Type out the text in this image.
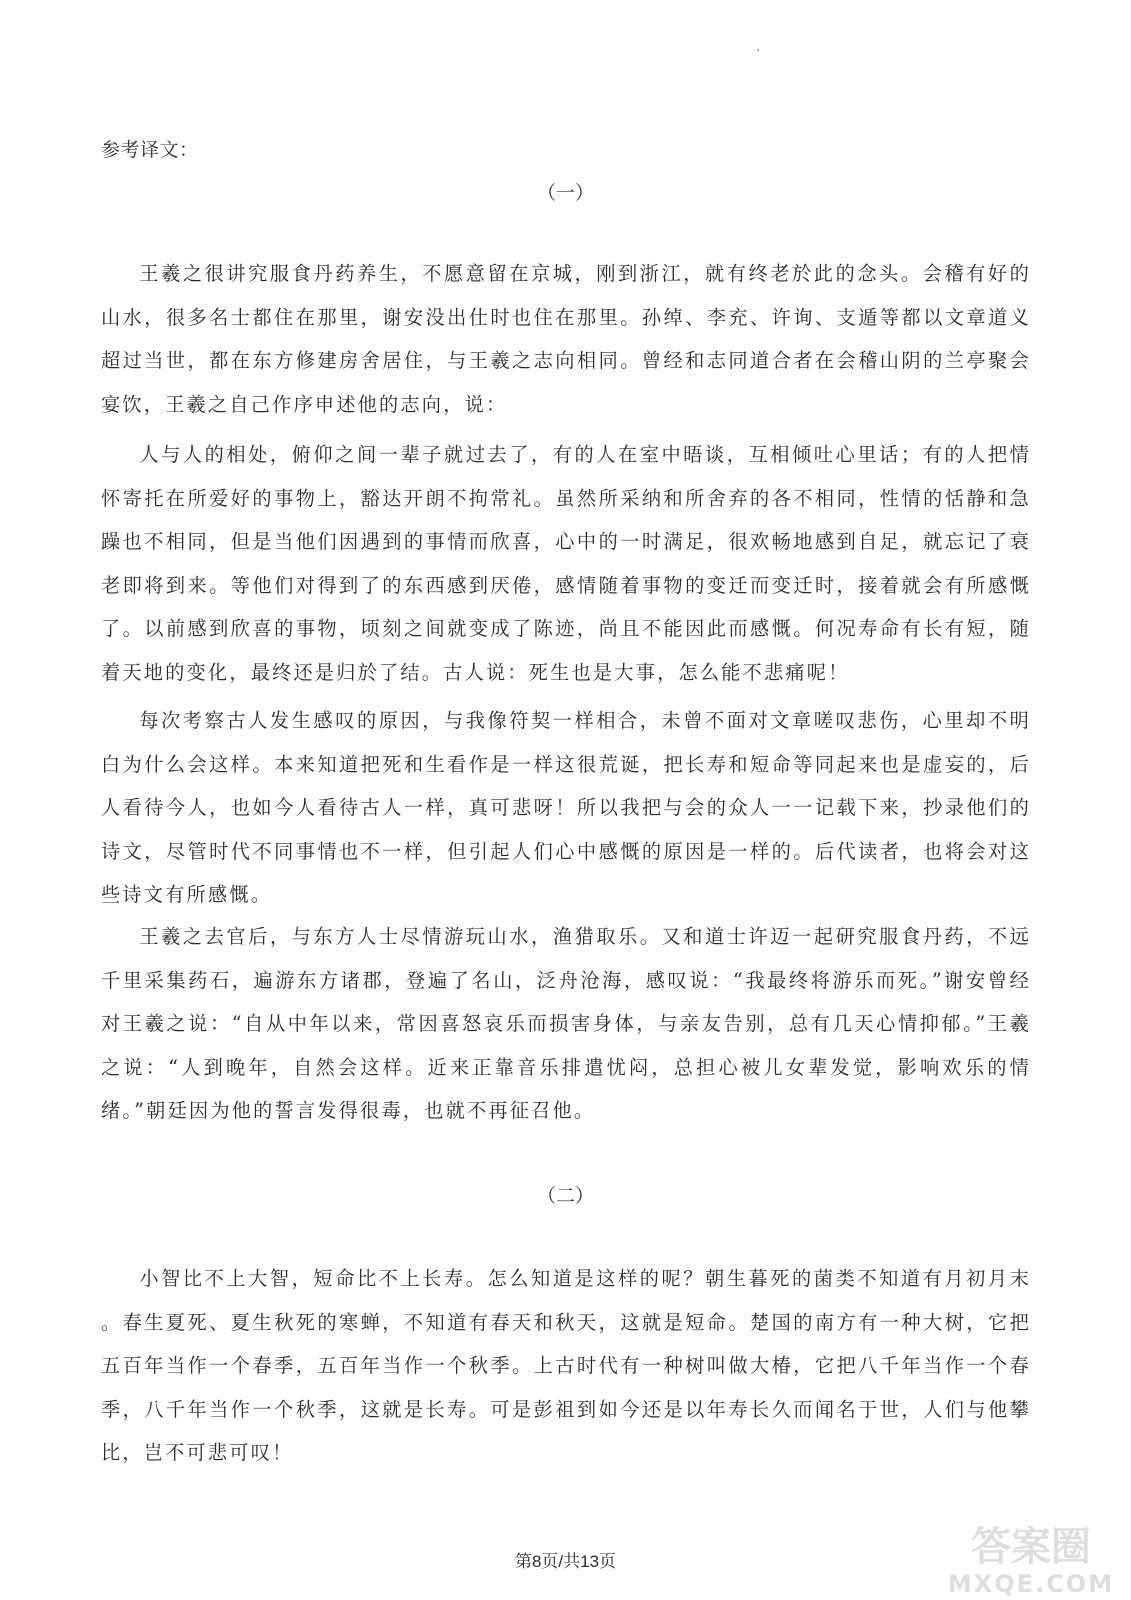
参考译文：
（一）

王羲之很讲究服食丹药养生，不愿意留在京城，刚到浙江，就有终老於此的念头。会稽有好的山水，很多名士都住在那里，谢安没出仕时也住在那里。孙绰、李充、许询、支遁等都以文章道义超过当世，都在东方修建房舍居住，与王羲之志向相同。曾经和志同道合者在会稽山阴的兰亭聚会宴饮，王羲之自己作序申述他的志向，说：

人与人的相处，俯仰之间一辈子就过去了，有的人在室中晤谈，互相倾吐心里话；有的人把情怀寄托在所爱好的事物上，豁达开朗不拘常礼。虽然所采纳和所舍弃的各不相同，性情的恬静和急躁也不相同，但是当他们因遇到的事情而欣喜，心中的一时满足，很欢畅地感到自足，就忘记了衰老即将到来。等他们对得到了的东西感到厌倦，感情随着事物的变迁而变迁时，接着就会有所感慨了。以前感到欣喜的事物，顷刻之间就变成了陈迹，尚且不能因此而感慨。何况寿命有长有短，随着天地的变化，最终还是归於了结。古人说：死生也是大事，怎么能不悲痛呢！

每次考察古人发生感叹的原因，与我像符契一样相合，未曾不面对文章嗟叹悲伤，心里却不明白为什么会这样。本来知道把死和生看作是一样这很荒诞，把长寿和短命等同起来也是虚妄的，后人看待今人，也如今人看待古人一样，真可悲呀！所以我把与会的众人一一记载下来，抄录他们的诗文，尽管时代不同事情也不一样，但引起人们心中感慨的原因是一样的。后代读者，也将会对这些诗文有所感慨。

王羲之去官后，与东方人士尽情游玩山水，渔猎取乐。又和道士许迈一起研究服食丹药，不远千里采集药石，遍游东方诸郡，登遍了名山，泛舟沧海，感叹说：“我最终将游乐而死。”谢安曾经对王羲之说：“自从中年以来，常因喜怒哀乐而损害身体，与亲友告别，总有几天心情抑郁。”王羲之说：“人到晚年，自然会这样。近来正靠音乐排遣忧闷，总担心被儿女辈发觉，影响欢乐的情绪。”朝廷因为他的誓言发得很毒，也就不再征召他。

（二）

小智比不上大智，短命比不上长寿。怎么知道是这样的呢？朝生暮死的菌类不知道有月初月末 。春生夏死、夏生秋死的寒蝉，不知道有春天和秋天，这就是短命。楚国的南方有一种大树，它把五百年当作一个春季，五百年当作一个秋季。上古时代有一种树叫做大椿，它把八千年当作一个春季，八千年当作一个秋季，这就是长寿。可是彭祖到如今还是以年寿长久而闻名于世，人们与他攀比，岂不可悲可叹！

第8页/共13页	答案圈
MXQE.COM
